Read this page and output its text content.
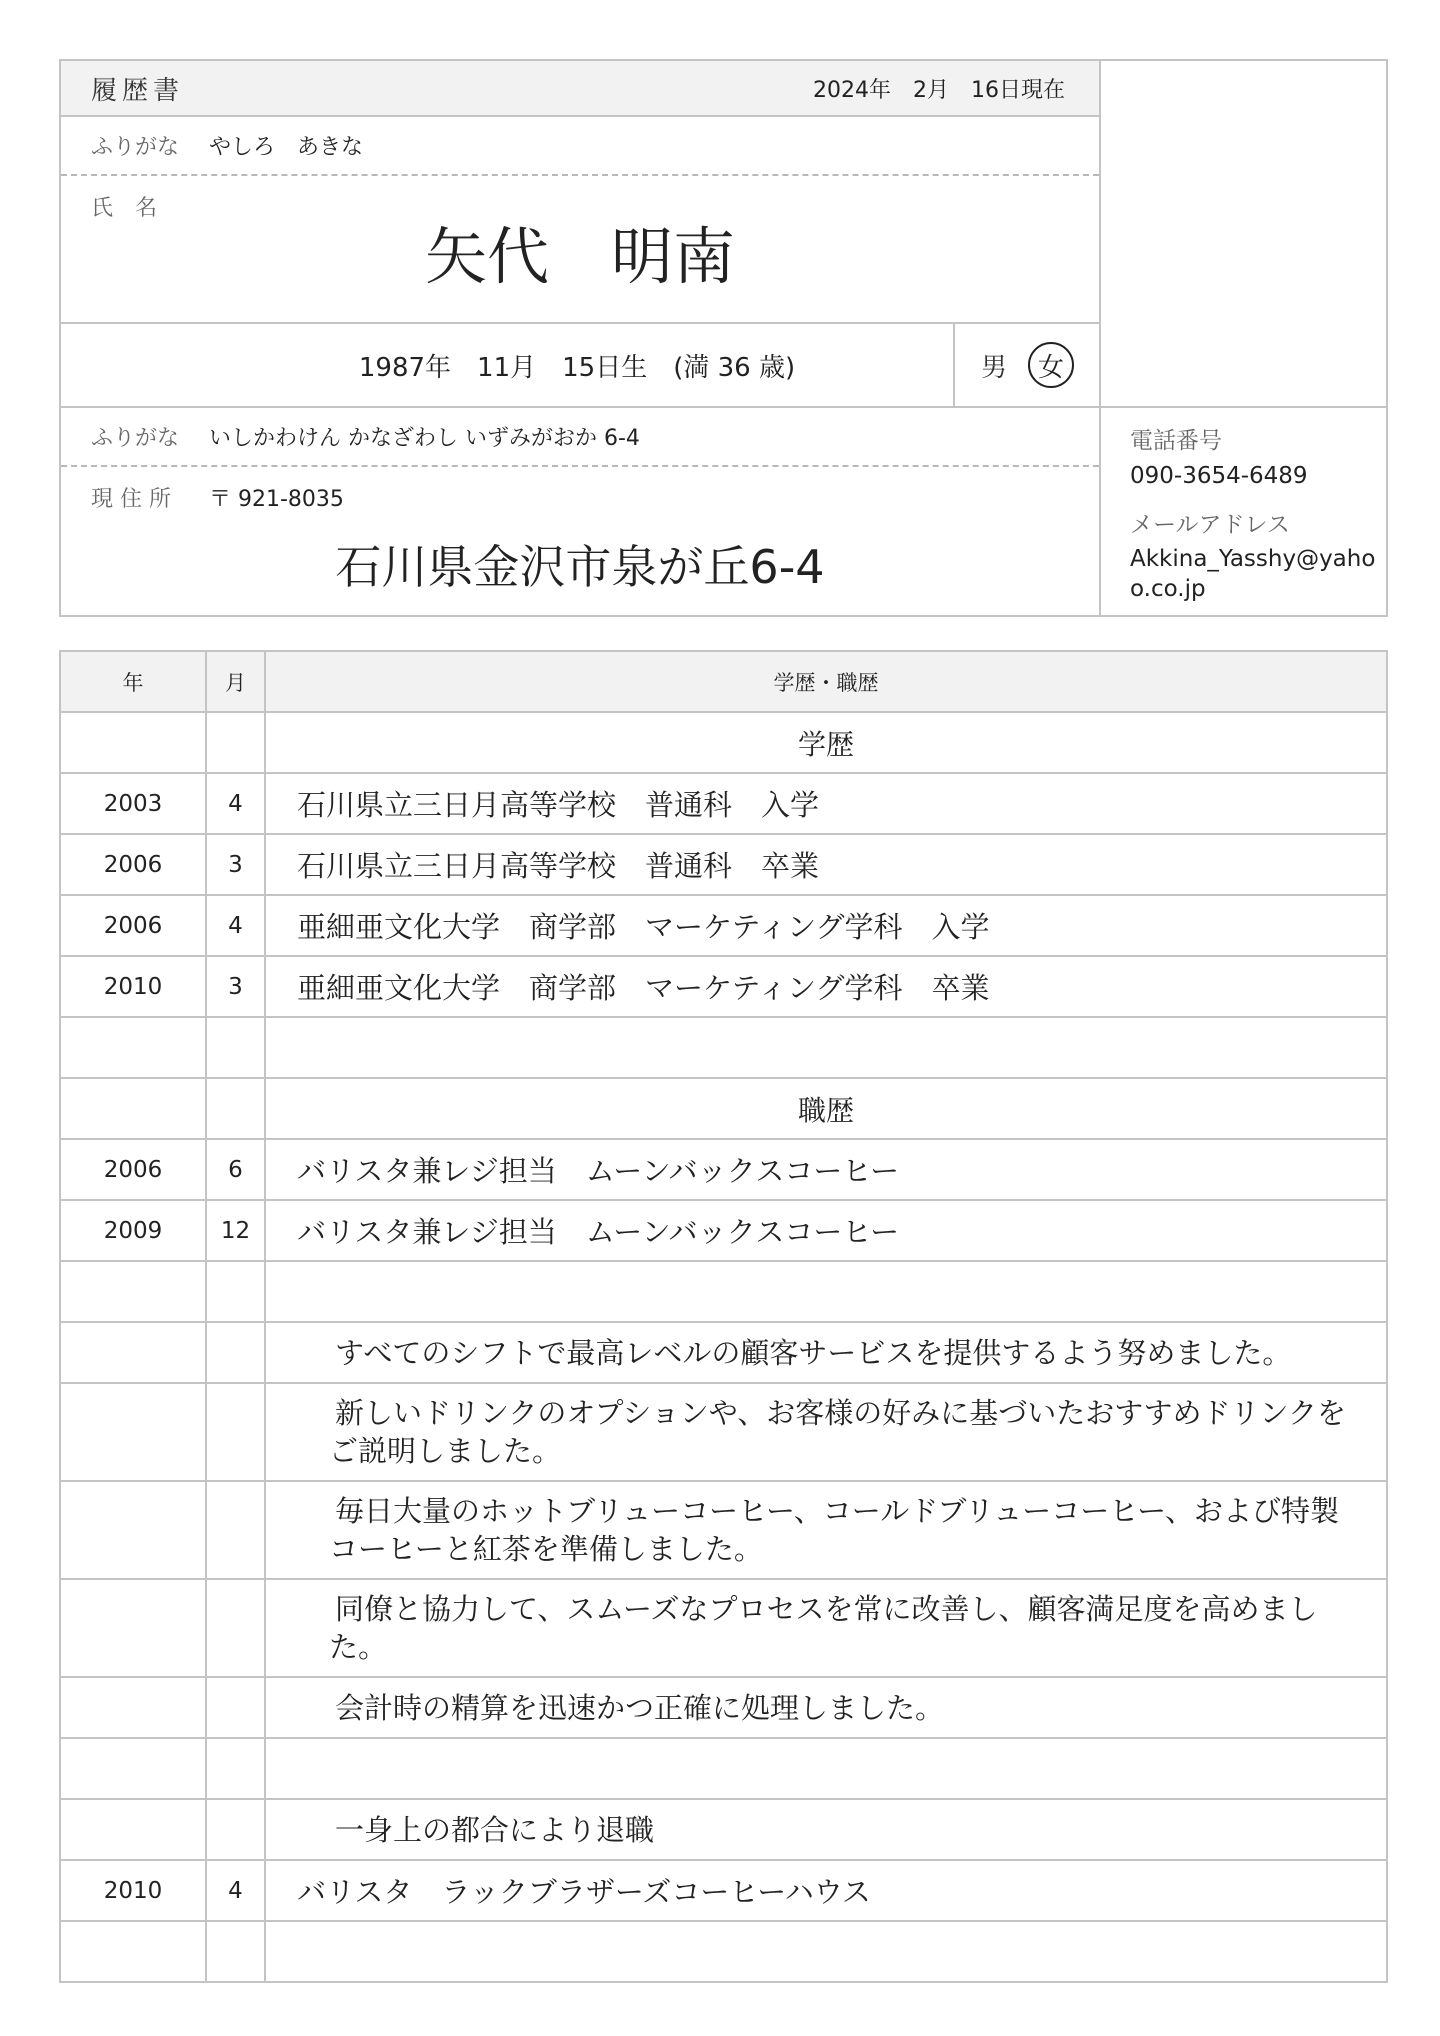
履歴書	2024年　2月　16日現在
ふりがな	やしろ　あきな
氏　名
矢代　明南
1987年　11月　15日生　(満 36 歳)	男	女
ふりがな	いしかわけん かなざわし いずみがおか 6-4
現 住 所 〒 921-8035
石川県金沢市泉が丘6-4
電話番号
090-3654-6489
メールアドレス
Akkina_Yasshy@yahoo.co.jp
年	月	学歴・職歴
		学歴
2003	4	石川県立三日月高等学校　普通科　入学
2006	3	石川県立三日月高等学校　普通科　卒業
2006	4	亜細亜文化大学　商学部　マーケティング学科　入学
2010	3	亜細亜文化大学　商学部　マーケティング学科　卒業

		職歴
2006	6	バリスタ兼レジ担当　ムーンバックスコーヒー
2009	12	バリスタ兼レジ担当　ムーンバックスコーヒー

		すべてのシフトで最高レベルの顧客サービスを提供するよう努めました。
		新しいドリンクのオプションや、お客様の好みに基づいたおすすめドリンクをご説明しました。
		毎日大量のホットブリューコーヒー、コールドブリューコーヒー、および特製コーヒーと紅茶を準備しました。
		同僚と協力して、スムーズなプロセスを常に改善し、顧客満足度を高めました。
		会計時の精算を迅速かつ正確に処理しました。

		一身上の都合により退職
2010	4	バリスタ　ラックブラザーズコーヒーハウス
